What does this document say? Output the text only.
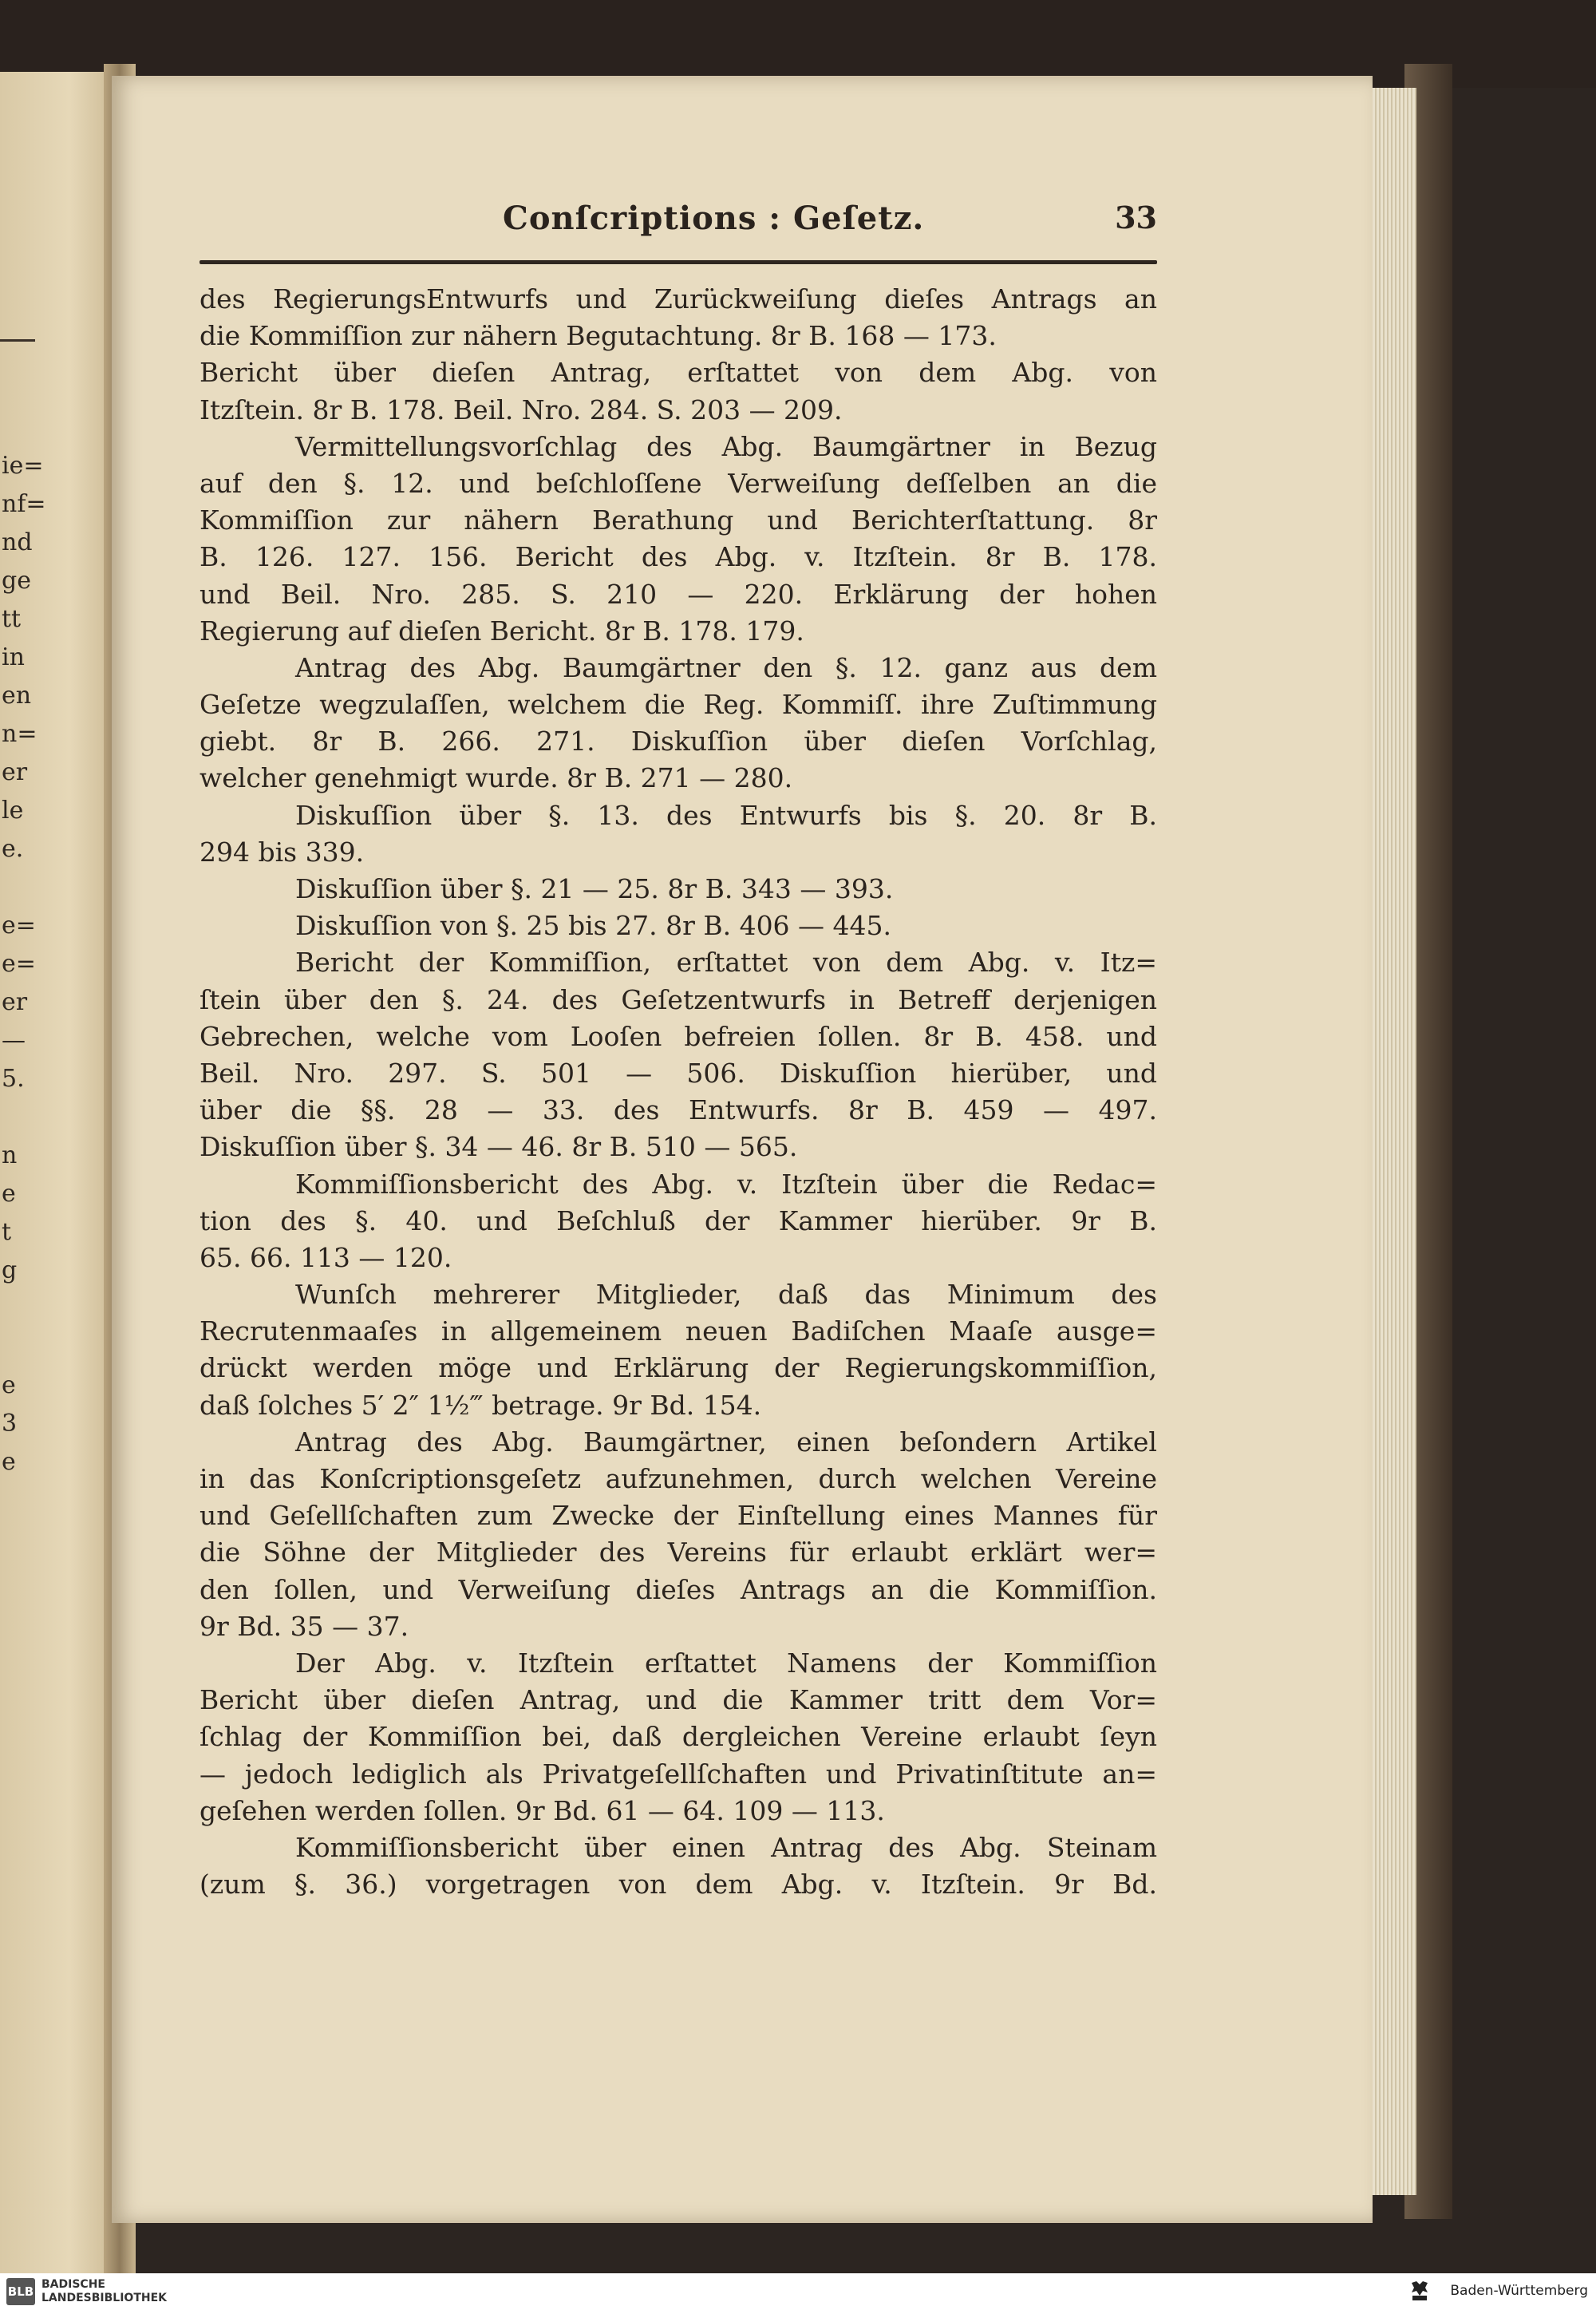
ie=
nf=
nd
ge
tt
in
en
n=
er
le
e.
e=
e=
er
—
5.
n
e
t
g
e
3
e
Conſcriptions : Geſetz.	33
des RegierungsEntwurfs und Zurückweiſung dieſes Antrags an
die Kommiſſion zur nähern Begutachtung. 8r B. 168 — 173.
Bericht über dieſen Antrag, erſtattet von dem Abg. von
Itzſtein. 8r B. 178. Beil. Nro. 284. S. 203 — 209.
Vermittellungsvorſchlag des Abg. Baumgärtner in Bezug
auf den §. 12. und beſchloſſene Verweiſung deſſelben an die
Kommiſſion zur nähern Berathung und Berichterſtattung. 8r
B. 126. 127. 156. Bericht des Abg. v. Itzſtein. 8r B. 178.
und Beil. Nro. 285. S. 210 — 220. Erklärung der hohen
Regierung auf dieſen Bericht. 8r B. 178. 179.
Antrag des Abg. Baumgärtner den §. 12. ganz aus dem
Geſetze wegzulaſſen, welchem die Reg. Kommiſſ. ihre Zuſtimmung
giebt. 8r B. 266. 271. Diskuſſion über dieſen Vorſchlag,
welcher genehmigt wurde. 8r B. 271 — 280.
Diskuſſion über §. 13. des Entwurfs bis §. 20. 8r B.
294 bis 339.
Diskuſſion über §. 21 — 25. 8r B. 343 — 393.
Diskuſſion von §. 25 bis 27. 8r B. 406 — 445.
Bericht der Kommiſſion, erſtattet von dem Abg. v. Itz=
ſtein über den §. 24. des Geſetzentwurfs in Betreff derjenigen
Gebrechen, welche vom Looſen befreien ſollen. 8r B. 458. und
Beil. Nro. 297. S. 501 — 506. Diskuſſion hierüber, und
über die §§. 28 — 33. des Entwurfs. 8r B. 459 — 497.
Diskuſſion über §. 34 — 46. 8r B. 510 — 565.
Kommiſſionsbericht des Abg. v. Itzſtein über die Redac=
tion des §. 40. und Beſchluß der Kammer hierüber. 9r B.
65. 66. 113 — 120.
Wunſch mehrerer Mitglieder, daß das Minimum des
Recrutenmaaſes in allgemeinem neuen Badiſchen Maaſe ausge=
drückt werden möge und Erklärung der Regierungskommiſſion,
daß ſolches 5′ 2″ 1½‴ betrage. 9r Bd. 154.
Antrag des Abg. Baumgärtner, einen beſondern Artikel
in das Konſcriptionsgeſetz aufzunehmen, durch welchen Vereine
und Geſellſchaften zum Zwecke der Einſtellung eines Mannes für
die Söhne der Mitglieder des Vereins für erlaubt erklärt wer=
den ſollen, und Verweiſung dieſes Antrags an die Kommiſſion.
9r Bd. 35 — 37.
Der Abg. v. Itzſtein erſtattet Namens der Kommiſſion
Bericht über dieſen Antrag, und die Kammer tritt dem Vor=
ſchlag der Kommiſſion bei, daß dergleichen Vereine erlaubt ſeyn
— jedoch lediglich als Privatgeſellſchaften und Privatinſtitute an=
geſehen werden ſollen. 9r Bd. 61 — 64. 109 — 113.
Kommiſſionsbericht über einen Antrag des Abg. Steinam
(zum §. 36.) vorgetragen von dem Abg. v. Itzſtein. 9r Bd.
BLB BADISCHE
LANDESBIBLIOTHEK	Baden-Württemberg
